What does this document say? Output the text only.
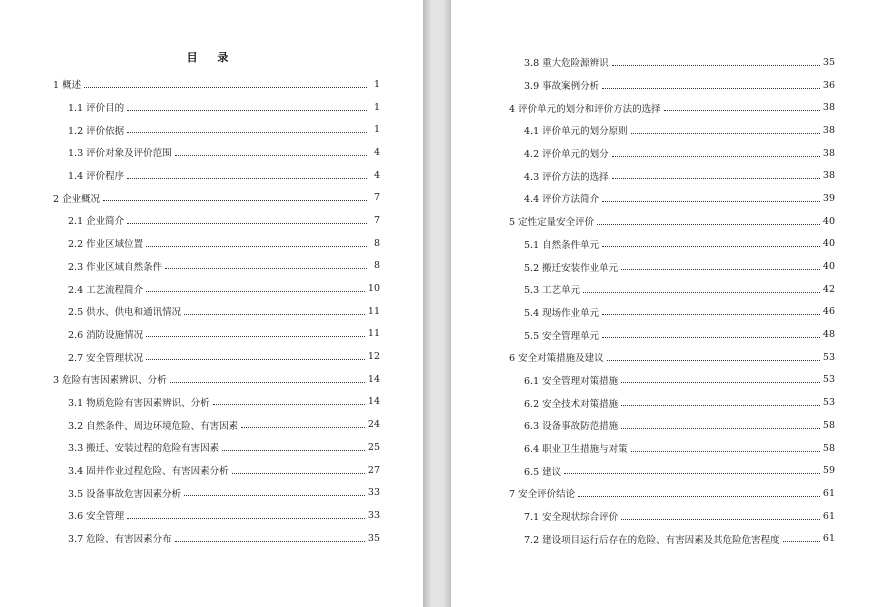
目 录
1 概述	1
1.1 评价目的	1
1.2 评价依据	1
1.3 评价对象及评价范围	4
1.4 评价程序	4
2 企业概况	7
2.1 企业简介	7
2.2 作业区域位置	8
2.3 作业区域自然条件	8
2.4 工艺流程简介	10
2.5 供水、供电和通讯情况	11
2.6 消防设施情况	11
2.7 安全管理状况	12
3 危险有害因素辨识、分析	14
3.1 物质危险有害因素辨识、分析	14
3.2 自然条件、周边环境危险、有害因素	24
3.3 搬迁、安装过程的危险有害因素	25
3.4 固井作业过程危险、有害因素分析	27
3.5 设备事故危害因素分析	33
3.6 安全管理	33
3.7 危险、有害因素分布	35
3.8 重大危险源辨识	35
3.9 事故案例分析	36
4 评价单元的划分和评价方法的选择	38
4.1 评价单元的划分原则	38
4.2 评价单元的划分	38
4.3 评价方法的选择	38
4.4 评价方法简介	39
5 定性定量安全评价	40
5.1 自然条件单元	40
5.2 搬迁安装作业单元	40
5.3 工艺单元	42
5.4 现场作业单元	46
5.5 安全管理单元	48
6 安全对策措施及建议	53
6.1 安全管理对策措施	53
6.2 安全技术对策措施	53
6.3 设备事故防范措施	58
6.4 职业卫生措施与对策	58
6.5 建议	59
7 安全评价结论	61
7.1 安全现状综合评价	61
7.2 建设项目运行后存在的危险、有害因素及其危险危害程度	61
